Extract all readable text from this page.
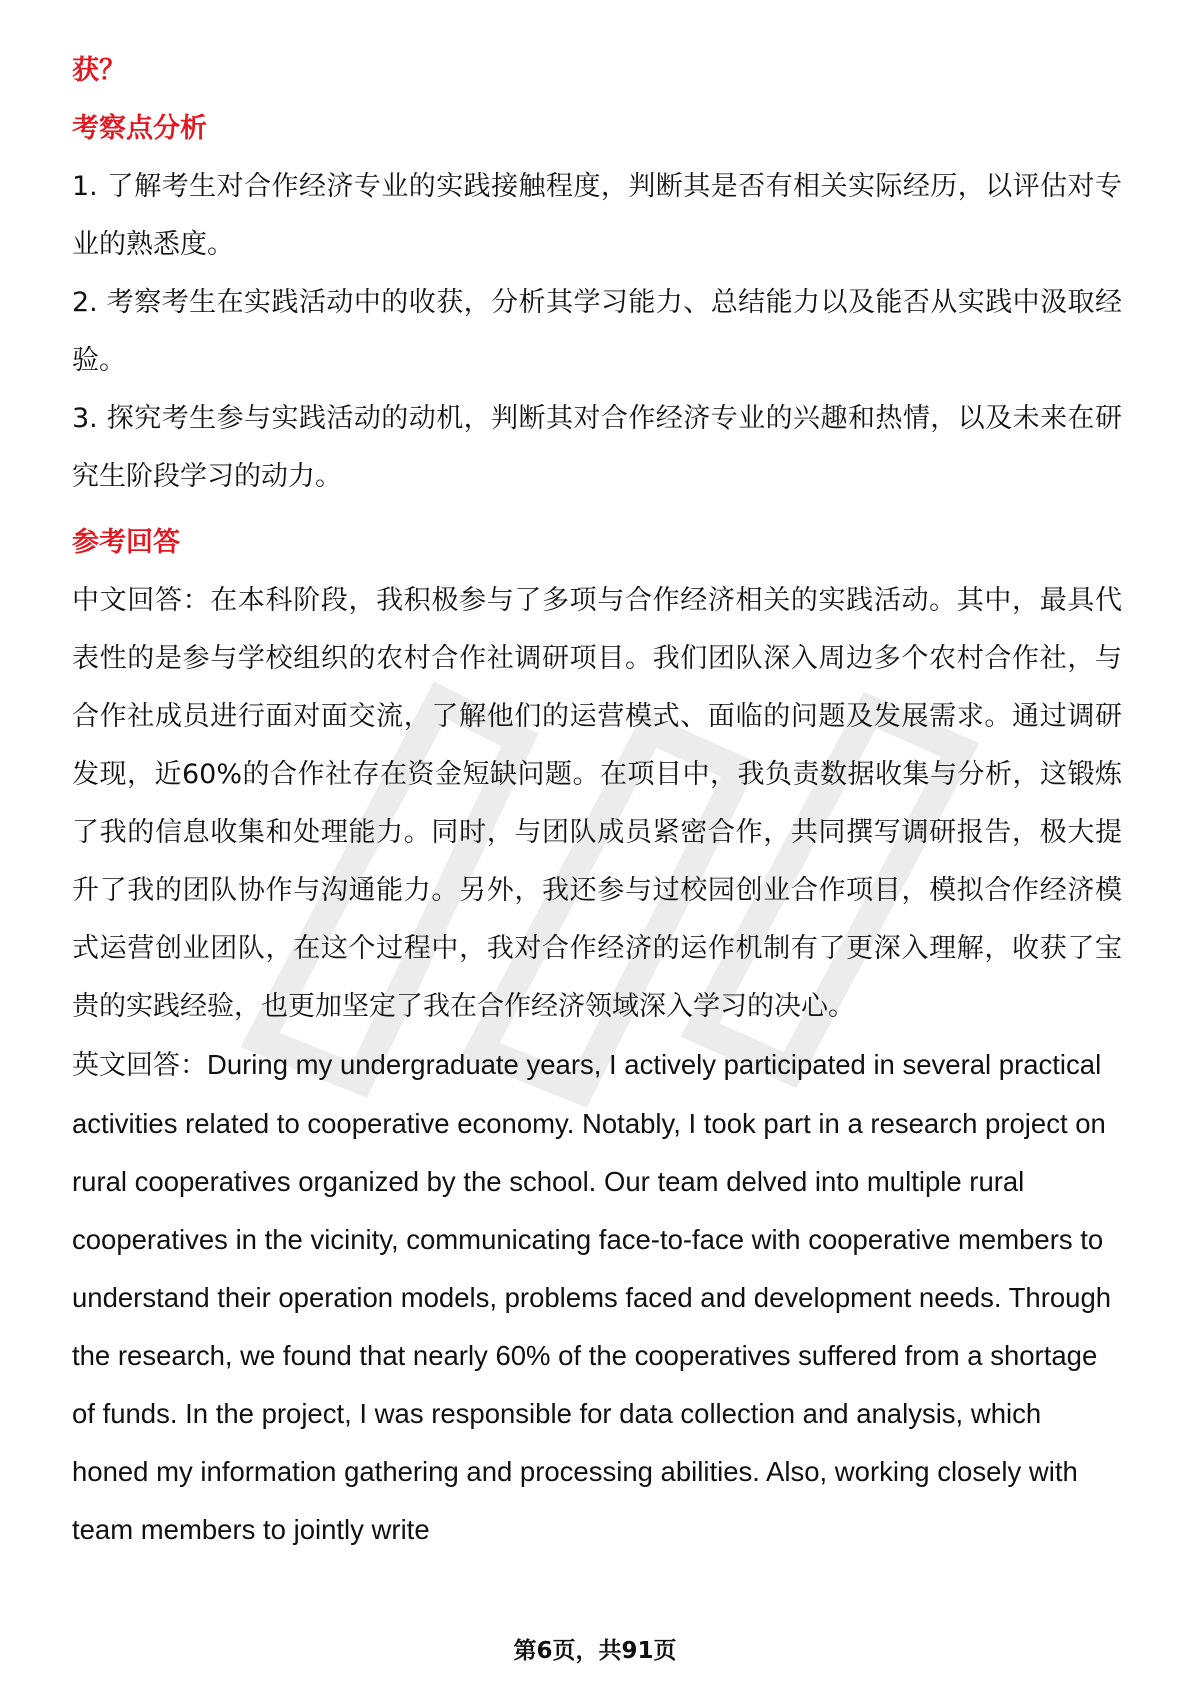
获？

考察点分析

1. 了解考生对合作经济专业的实践接触程度，判断其是否有相关实际经历，以评估对专业的熟悉度。

2. 考察考生在实践活动中的收获，分析其学习能力、总结能力以及能否从实践中汲取经验。

3. 探究考生参与实践活动的动机，判断其对合作经济专业的兴趣和热情，以及未来在研究生阶段学习的动力。

参考回答

中文回答：在本科阶段，我积极参与了多项与合作经济相关的实践活动。其中，最具代表性的是参与学校组织的农村合作社调研项目。我们团队深入周边多个农村合作社，与合作社成员进行面对面交流，了解他们的运营模式、面临的问题及发展需求。通过调研发现，近60%的合作社存在资金短缺问题。在项目中，我负责数据收集与分析，这锻炼了我的信息收集和处理能力。同时，与团队成员紧密合作，共同撰写调研报告，极大提升了我的团队协作与沟通能力。另外，我还参与过校园创业合作项目，模拟合作经济模式运营创业团队，在这个过程中，我对合作经济的运作机制有了更深入理解，收获了宝贵的实践经验，也更加坚定了我在合作经济领域深入学习的决心。

英文回答：During my undergraduate years, I actively participated in several practical activities related to cooperative economy. Notably, I took part in a research project on rural cooperatives organized by the school. Our team delved into multiple rural cooperatives in the vicinity, communicating face-to-face with cooperative members to understand their operation models, problems faced and development needs. Through the research, we found that nearly 60% of the cooperatives suffered from a shortage of funds. In the project, I was responsible for data collection and analysis, which honed my information gathering and processing abilities. Also, working closely with team members to jointly write

第6页，共91页
